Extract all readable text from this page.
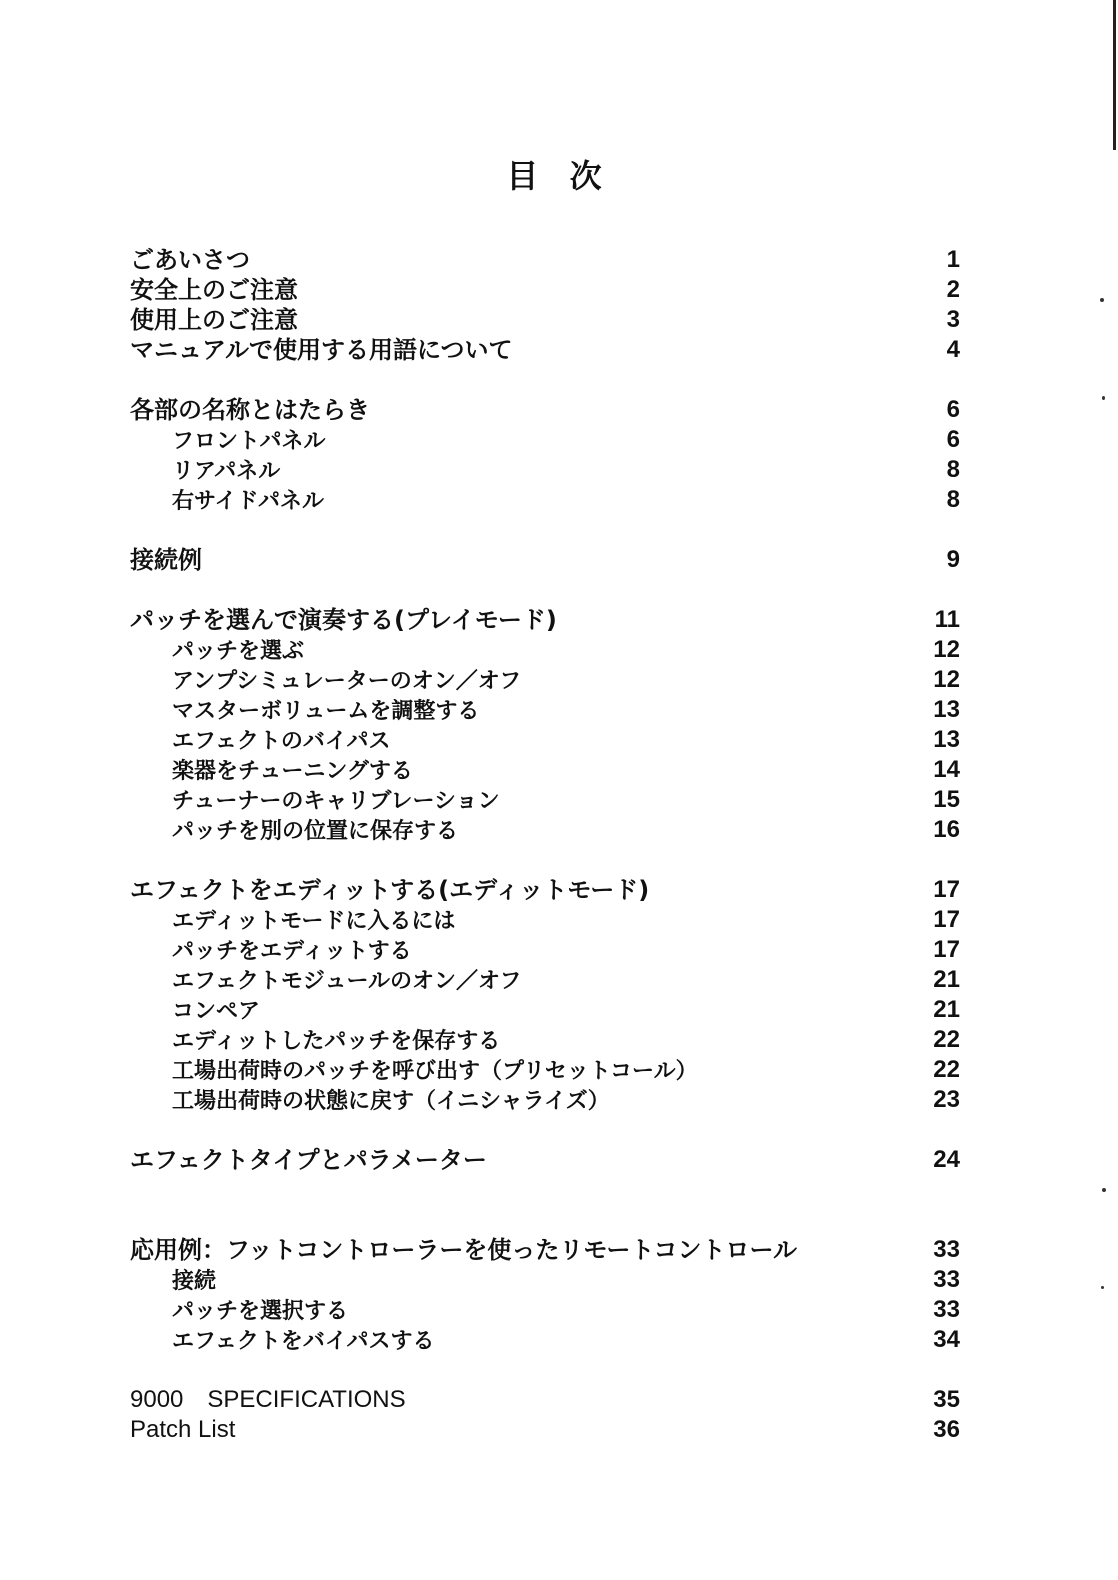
目 次
ごあいさつ	1
安全上のご注意	2
使用上のご注意	3
マニュアルで使用する用語について	4
各部の名称とはたらき	6
フロントパネル	6
リアパネル	8
右サイドパネル	8
接続例	9
パッチを選んで演奏する(プレイモード)	11
パッチを選ぶ	12
アンプシミュレーターのオン／オフ	12
マスターボリュームを調整する	13
エフェクトのバイパス	13
楽器をチューニングする	14
チューナーのキャリブレーション	15
パッチを別の位置に保存する	16
エフェクトをエディットする(エディットモード)	17
エディットモードに入るには	17
パッチをエディットする	17
エフェクトモジュールのオン／オフ	21
コンペア	21
エディットしたパッチを保存する	22
工場出荷時のパッチを呼び出す（プリセットコール）	22
工場出荷時の状態に戻す（イニシャライズ）	23
エフェクトタイプとパラメーター	24
応用例：フットコントローラーを使ったリモートコントロール	33
接続	33
パッチを選択する	33
エフェクトをバイパスする	34
9000　SPECIFICATIONS	35
Patch List	36
